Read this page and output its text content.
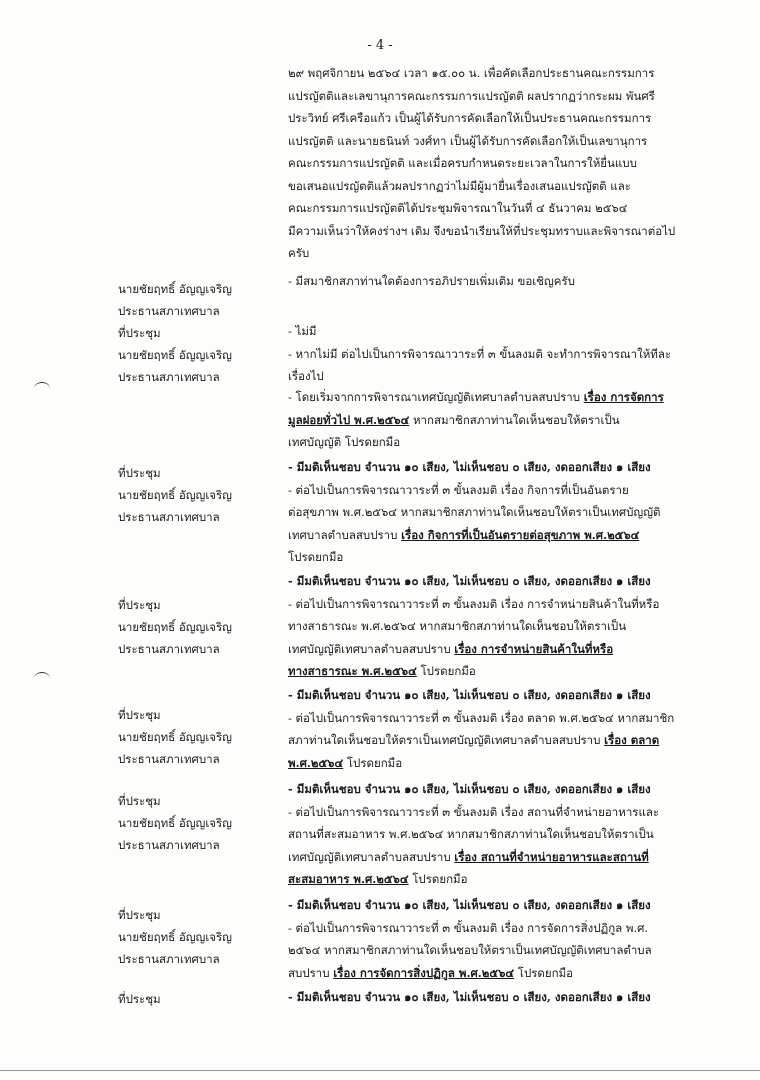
- 4 -
๒๙ พฤศจิกายน ๒๕๖๔ เวลา ๑๕.๐๐ น. เพื่อคัดเลือกประธานคณะกรรมการ
แปรญัตติและเลขานุการคณะกรรมการแปรญัตติ ผลปรากฏว่ากระผม พันศรี
ประวิทย์ ศรีเครือแก้ว เป็นผู้ได้รับการคัดเลือกให้เป็นประธานคณะกรรมการ
แปรญัตติ และนายธนินท์ วงศ์ทา เป็นผู้ได้รับการคัดเลือกให้เป็นเลขานุการ
คณะกรรมการแปรญัตติ และเมื่อครบกำหนดระยะเวลาในการให้ยื่นแบบ
ขอเสนอแปรญัตติแล้วผลปรากฏว่าไม่มีผู้มายื่นเรื่องเสนอแปรญัตติ และ
คณะกรรมการแปรญัตติได้ประชุมพิจารณาในวันที่ ๔ ธันวาคม ๒๕๖๔
มีความเห็นว่าให้คงร่างฯ เดิม จึงขอนำเรียนให้ที่ประชุมทราบและพิจารณาต่อไป
ครับ
นายชัยฤทธิ์ อัญญเจริญ
ประธานสภาเทศบาล
ที่ประชุม
นายชัยฤทธิ์ อัญญเจริญ
ประธานสภาเทศบาล
- มีสมาชิกสภาท่านใดต้องการอภิปรายเพิ่มเติม ขอเชิญครับ
- ไม่มี
- หากไม่มี ต่อไปเป็นการพิจารณาวาระที่ ๓ ขั้นลงมติ จะทำการพิจารณาให้ทีละ
เรื่องไป
- โดยเริ่มจากการพิจารณาเทศบัญญัติเทศบาลตำบลสบปราบ เรื่อง การจัดการ
มูลฝอยทั่วไป พ.ศ.๒๕๖๔ หากสมาชิกสภาท่านใดเห็นชอบให้ตราเป็น
เทศบัญญัติ โปรดยกมือ
ที่ประชุม
นายชัยฤทธิ์ อัญญเจริญ
ประธานสภาเทศบาล
- มีมติเห็นชอบ จำนวน ๑๐ เสียง, ไม่เห็นชอบ ๐ เสียง, งดออกเสียง ๑ เสียง
- ต่อไปเป็นการพิจารณาวาระที่ ๓ ขั้นลงมติ เรื่อง กิจการที่เป็นอันตราย
ต่อสุขภาพ พ.ศ.๒๕๖๔ หากสมาชิกสภาท่านใดเห็นชอบให้ตราเป็นเทศบัญญัติ
เทศบาลตำบลสบปราบ เรื่อง กิจการที่เป็นอันตรายต่อสุขภาพ พ.ศ.๒๕๖๔
โปรดยกมือ
ที่ประชุม
นายชัยฤทธิ์ อัญญเจริญ
ประธานสภาเทศบาล
- มีมติเห็นชอบ จำนวน ๑๐ เสียง, ไม่เห็นชอบ ๐ เสียง, งดออกเสียง ๑ เสียง
- ต่อไปเป็นการพิจารณาวาระที่ ๓ ขั้นลงมติ เรื่อง การจำหน่ายสินค้าในที่หรือ
ทางสาธารณะ พ.ศ.๒๕๖๔ หากสมาชิกสภาท่านใดเห็นชอบให้ตราเป็น
เทศบัญญัติเทศบาลตำบลสบปราบ เรื่อง การจำหน่ายสินค้าในที่หรือ
ทางสาธารณะ พ.ศ.๒๕๖๔ โปรดยกมือ
ที่ประชุม
นายชัยฤทธิ์ อัญญเจริญ
ประธานสภาเทศบาล
- มีมติเห็นชอบ จำนวน ๑๐ เสียง, ไม่เห็นชอบ ๐ เสียง, งดออกเสียง ๑ เสียง
- ต่อไปเป็นการพิจารณาวาระที่ ๓ ขั้นลงมติ เรื่อง ตลาด พ.ศ.๒๕๖๔ หากสมาชิก
สภาท่านใดเห็นชอบให้ตราเป็นเทศบัญญัติเทศบาลตำบลสบปราบ เรื่อง ตลาด
พ.ศ.๒๕๖๔ โปรดยกมือ
ที่ประชุม
นายชัยฤทธิ์ อัญญเจริญ
ประธานสภาเทศบาล
- มีมติเห็นชอบ จำนวน ๑๐ เสียง, ไม่เห็นชอบ ๐ เสียง, งดออกเสียง ๑ เสียง
- ต่อไปเป็นการพิจารณาวาระที่ ๓ ขั้นลงมติ เรื่อง สถานที่จำหน่ายอาหารและ
สถานที่สะสมอาหาร พ.ศ.๒๕๖๔ หากสมาชิกสภาท่านใดเห็นชอบให้ตราเป็น
เทศบัญญัติเทศบาลตำบลสบปราบ เรื่อง สถานที่จำหน่ายอาหารและสถานที่
สะสมอาหาร พ.ศ.๒๕๖๔ โปรดยกมือ
ที่ประชุม
นายชัยฤทธิ์ อัญญเจริญ
ประธานสภาเทศบาล
- มีมติเห็นชอบ จำนวน ๑๐ เสียง, ไม่เห็นชอบ ๐ เสียง, งดออกเสียง ๑ เสียง
- ต่อไปเป็นการพิจารณาวาระที่ ๓ ขั้นลงมติ เรื่อง การจัดการสิ่งปฏิกูล พ.ศ.
๒๕๖๔ หากสมาชิกสภาท่านใดเห็นชอบให้ตราเป็นเทศบัญญัติเทศบาลตำบล
สบปราบ เรื่อง การจัดการสิ่งปฏิกูล พ.ศ.๒๕๖๔ โปรดยกมือ
ที่ประชุม	- มีมติเห็นชอบ จำนวน ๑๐ เสียง, ไม่เห็นชอบ ๐ เสียง, งดออกเสียง ๑ เสียง
